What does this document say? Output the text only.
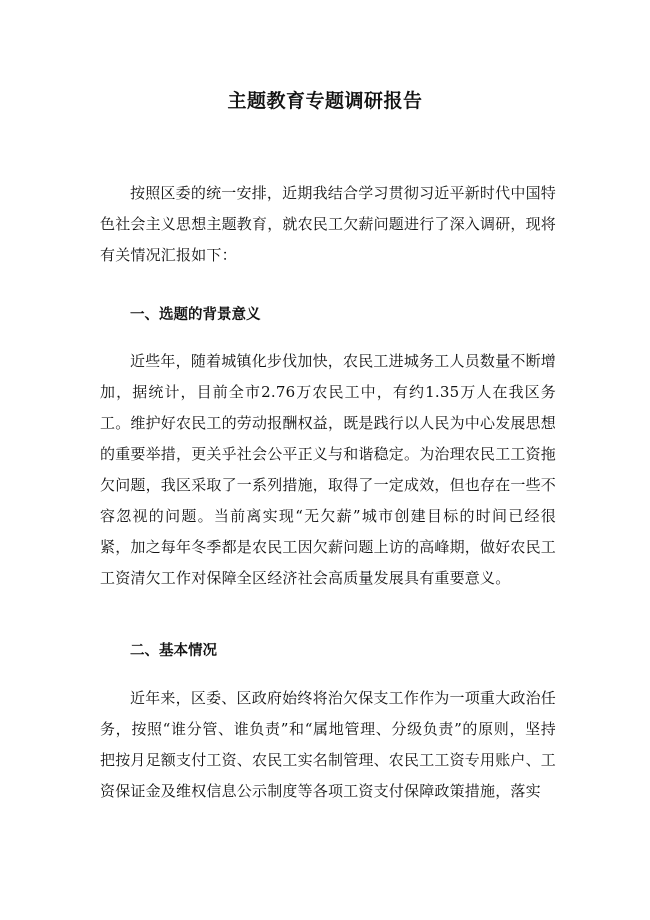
主题教育专题调研报告

按照区委的统一安排，近期我结合学习贯彻习近平新时代中国特色社会主义思想主题教育，就农民工欠薪问题进行了深入调研，现将有关情况汇报如下：

一、选题的背景意义

近些年，随着城镇化步伐加快，农民工进城务工人员数量不断增加，据统计，目前全市2.76万农民工中，有约1.35万人在我区务工。维护好农民工的劳动报酬权益，既是践行以人民为中心发展思想的重要举措，更关乎社会公平正义与和谐稳定。为治理农民工工资拖欠问题，我区采取了一系列措施，取得了一定成效，但也存在一些不容忽视的问题。当前离实现“无欠薪”城市创建目标的时间已经很紧，加之每年冬季都是农民工因欠薪问题上访的高峰期，做好农民工工资清欠工作对保障全区经济社会高质量发展具有重要意义。

二、基本情况

近年来，区委、区政府始终将治欠保支工作作为一项重大政治任务，按照“谁分管、谁负责”和“属地管理、分级负责”的原则，坚持把按月足额支付工资、农民工实名制管理、农民工工资专用账户、工资保证金及维权信息公示制度等各项工资支付保障政策措施，落实
